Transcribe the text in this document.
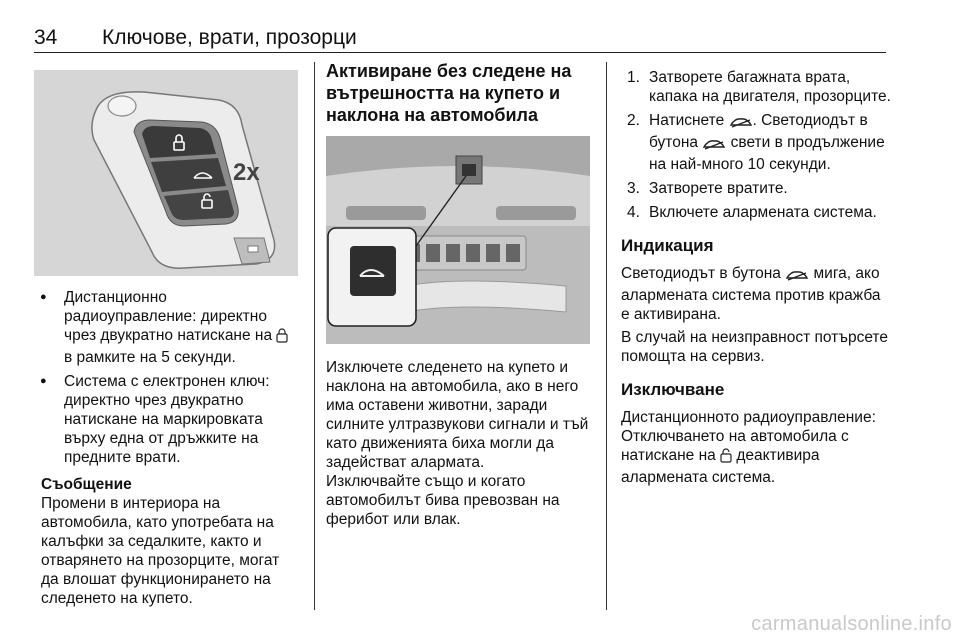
34 Ключове, врати, прозорци
2x
● Дистанционно радиоуправление: директно чрез двукратно натискане на  в рамките на 5 секунди.
● Система с електронен ключ: директно чрез двукратно натискане на маркировката върху една от дръжките на предните врати.
Съобщение
Промени в интериора на автомобила, като употребата на калъфки за седалките, както и отварянето на прозорците, могат да влошат функционирането на следенето на купето.
Активиране без следене на вътрешността на купето и наклона на автомобила

Изключете следенето на купето и наклона на автомобила, ако в него има оставени животни, заради силните ултразвукови сигнали и тъй като движенията биха могли да задействат алармата.

Изключвайте също и когато автомобилът бива превозван на ферибот или влак.

1. Затворете багажната врата, капака на двигателя, прозорците.
2. Натиснете . Светодиодът в бутона  свети в продължение на най-много 10 секунди.
3. Затворете вратите.
4. Включете алармената система.
Индикация

Светодиодът в бутона  мига, ако алармената система против кражба е активирана.

В случай на неизправност потърсете помощта на сервиз.

Изключване

Дистанционното радиоуправление: Отключването на автомобила с натискане на  деактивира алармената система.

carmanualsonline.info
